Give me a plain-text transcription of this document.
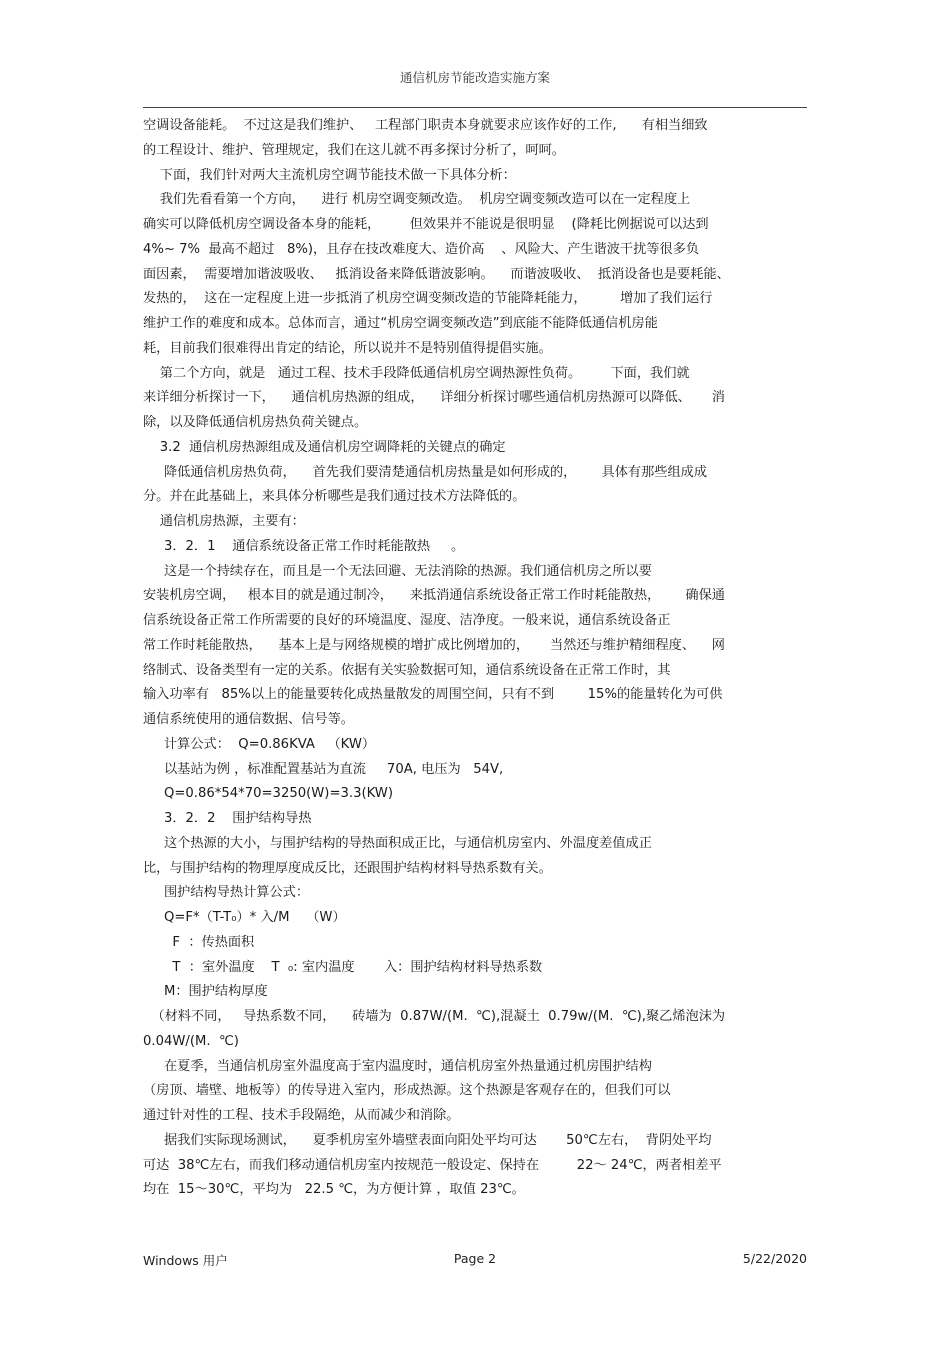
通信机房节能改造实施方案
空调设备能耗。  不过这是我们维护、   工程部门职责本身就要求应该作好的工作,      有相当细致
的工程设计、维护、管理规定，我们在这儿就不再多探讨分析了，呵呵。
下面，我们针对两大主流机房空调节能技术做一下具体分析：
我们先看看第一个方向，    进行 机房空调变频改造。  机房空调变频改造可以在一定程度上
确实可以降低机房空调设备本身的能耗，       但效果并不能说是很明显    (降耗比例据说可以达到
4%~ 7%  最高不超过   8%)，且存在技改难度大、造价高    、风险大、产生谐波干扰等很多负
面因素，  需要增加谐波吸收、   抵消设备来降低谐波影响。    而谐波吸收、  抵消设备也是要耗能、
发热的，  这在一定程度上进一步抵消了机房空调变频改造的节能降耗能力，        增加了我们运行
维护工作的难度和成本。总体而言，通过“机房空调变频改造”到底能不能降低通信机房能
耗，目前我们很难得出肯定的结论，所以说并不是特别值得提倡实施。
第二个方向，就是   通过工程、技术手段降低通信机房空调热源性负荷。       下面，我们就
来详细分析探讨一下，    通信机房热源的组成，    详细分析探讨哪些通信机房热源可以降低、     消
除，以及降低通信机房热负荷关键点。
3.2  通信机房热源组成及通信机房空调降耗的关键点的确定
降低通信机房热负荷，    首先我们要清楚通信机房热量是如何形成的，      具体有那些组成成
分。并在此基础上，来具体分析哪些是我们通过技术方法降低的。
通信机房热源，主要有：
3．2．1    通信系统设备正常工作时耗能散热     。
这是一个持续存在，而且是一个无法回避、无法消除的热源。我们通信机房之所以要
安装机房空调，   根本目的就是通过制冷，    来抵消通信系统设备正常工作时耗能散热，      确保通
信系统设备正常工作所需要的良好的环境温度、湿度、洁净度。一般来说，通信系统设备正
常工作时耗能散热，    基本上是与网络规模的增扩成比例增加的，     当然还与维护精细程度、    网
络制式、设备类型有一定的关系。依据有关实验数据可知，通信系统设备在正常工作时，其
输入功率有   85%以上的能量要转化成热量散发的周围空间，只有不到        15%的能量转化为可供
通信系统使用的通信数据、信号等。
计算公式：  Q=0.86KVA   （KW）
以基站为例 ，标准配置基站为直流     70A, 电压为   54V,
Q=0.86*54*70=3250(W)=3.3(KW)
3．2．2    围护结构导热
这个热源的大小，与围护结构的导热面积成正比，与通信机房室内、外温度差值成正
比，与围护结构的物理厚度成反比，还跟围护结构材料导热系数有关。
围护结构导热计算公式：
Q=F*（T-T₀）* 入/M    （W）
F  ：传热面积
T  ：室外温度    T  ₀: 室内温度       入：围护结构材料导热系数
M：围护结构厚度
（材料不同，   导热系数不同，    砖墙为  0.87W/(M.  ℃),混凝土  0.79w/(M.  ℃),聚乙烯泡沫为
0.04W/(M.  ℃)
在夏季，当通信机房室外温度高于室内温度时，通信机房室外热量通过机房围护结构
（房顶、墙壁、地板等）的传导进入室内，形成热源。这个热源是客观存在的，但我们可以
通过针对性的工程、技术手段隔绝，从而减少和消除。
据我们实际现场测试，    夏季机房室外墙壁表面向阳处平均可达       50℃左右，  背阴处平均
可达  38℃左右，而我们移动通信机房室内按规范一般设定、保持在         22～ 24℃，两者相差平
均在  15～30℃，平均为   22.5 ℃，为方便计算 ，取值 23℃。
Windows 用户	Page 2	5/22/2020
